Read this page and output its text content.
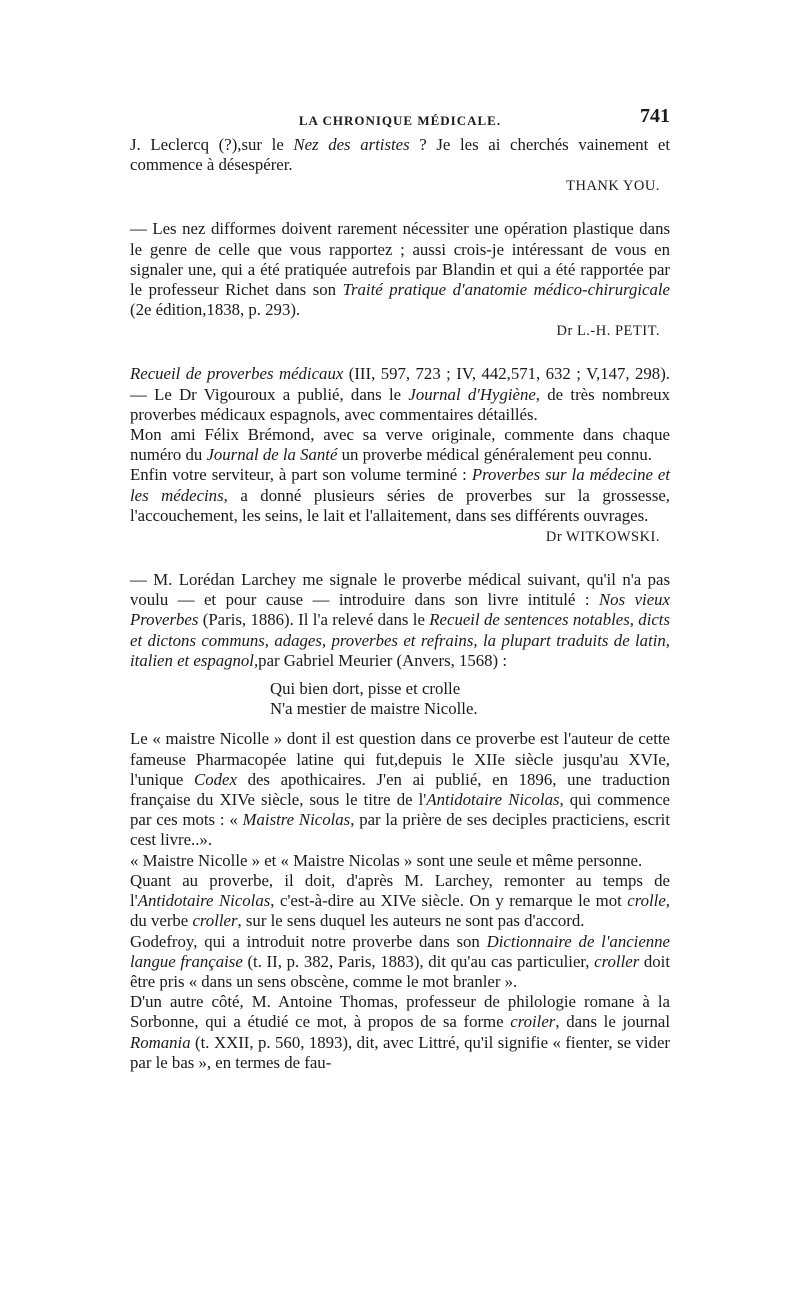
LA CHRONIQUE MÉDICALE.	741

J. Leclercq (?),sur le Nez des artistes ? Je les ai cherchés vainement et commence à désespérer.

THANK YOU.

— Les nez difformes doivent rarement nécessiter une opération plastique dans le genre de celle que vous rapportez ; aussi crois-je intéressant de vous en signaler une, qui a été pratiquée autrefois par Blandin et qui a été rapportée par le professeur Richet dans son Traité pratique d'anatomie médico-chirurgicale (2e édition,1838, p. 293).

Dr L.-H. PETIT.

Recueil de proverbes médicaux (III, 597, 723 ; IV, 442,571, 632 ; V,147, 298). — Le Dr Vigouroux a publié, dans le Journal d'Hygiène, de très nombreux proverbes médicaux espagnols, avec commentaires détaillés.

Mon ami Félix Brémond, avec sa verve originale, commente dans chaque numéro du Journal de la Santé un proverbe médical généralement peu connu.

Enfin votre serviteur, à part son volume terminé : Proverbes sur la médecine et les médecins, a donné plusieurs séries de proverbes sur la grossesse, l'accouchement, les seins, le lait et l'allaitement, dans ses différents ouvrages.

Dr WITKOWSKI.

— M. Lorédan Larchey me signale le proverbe médical suivant, qu'il n'a pas voulu — et pour cause — introduire dans son livre intitulé : Nos vieux Proverbes (Paris, 1886). Il l'a relevé dans le Recueil de sentences notables, dicts et dictons communs, adages, proverbes et refrains, la plupart traduits de latin, italien et espagnol,par Gabriel Meurier (Anvers, 1568) :

Qui bien dort, pisse et crolle

N'a mestier de maistre Nicolle.

Le « maistre Nicolle » dont il est question dans ce proverbe est l'auteur de cette fameuse Pharmacopée latine qui fut,depuis le XIIe siècle jusqu'au XVIe, l'unique Codex des apothicaires. J'en ai publié, en 1896, une traduction française du XIVe siècle, sous le titre de l'Antidotaire Nicolas, qui commence par ces mots : « Maistre Nicolas, par la prière de ses deciples practiciens, escrit cest livre..».

« Maistre Nicolle » et « Maistre Nicolas » sont une seule et même personne.

Quant au proverbe, il doit, d'après M. Larchey, remonter au temps de l'Antidotaire Nicolas, c'est-à-dire au XIVe siècle. On y remarque le mot crolle, du verbe croller, sur le sens duquel les auteurs ne sont pas d'accord.

Godefroy, qui a introduit notre proverbe dans son Dictionnaire de l'ancienne langue française (t. II, p. 382, Paris, 1883), dit qu'au cas particulier, croller doit être pris « dans un sens obscène, comme le mot branler ».

D'un autre côté, M. Antoine Thomas, professeur de philologie romane à la Sorbonne, qui a étudié ce mot, à propos de sa forme croiler, dans le journal Romania (t. XXII, p. 560, 1893), dit, avec Littré, qu'il signifie « fienter, se vider par le bas », en termes de fau-
